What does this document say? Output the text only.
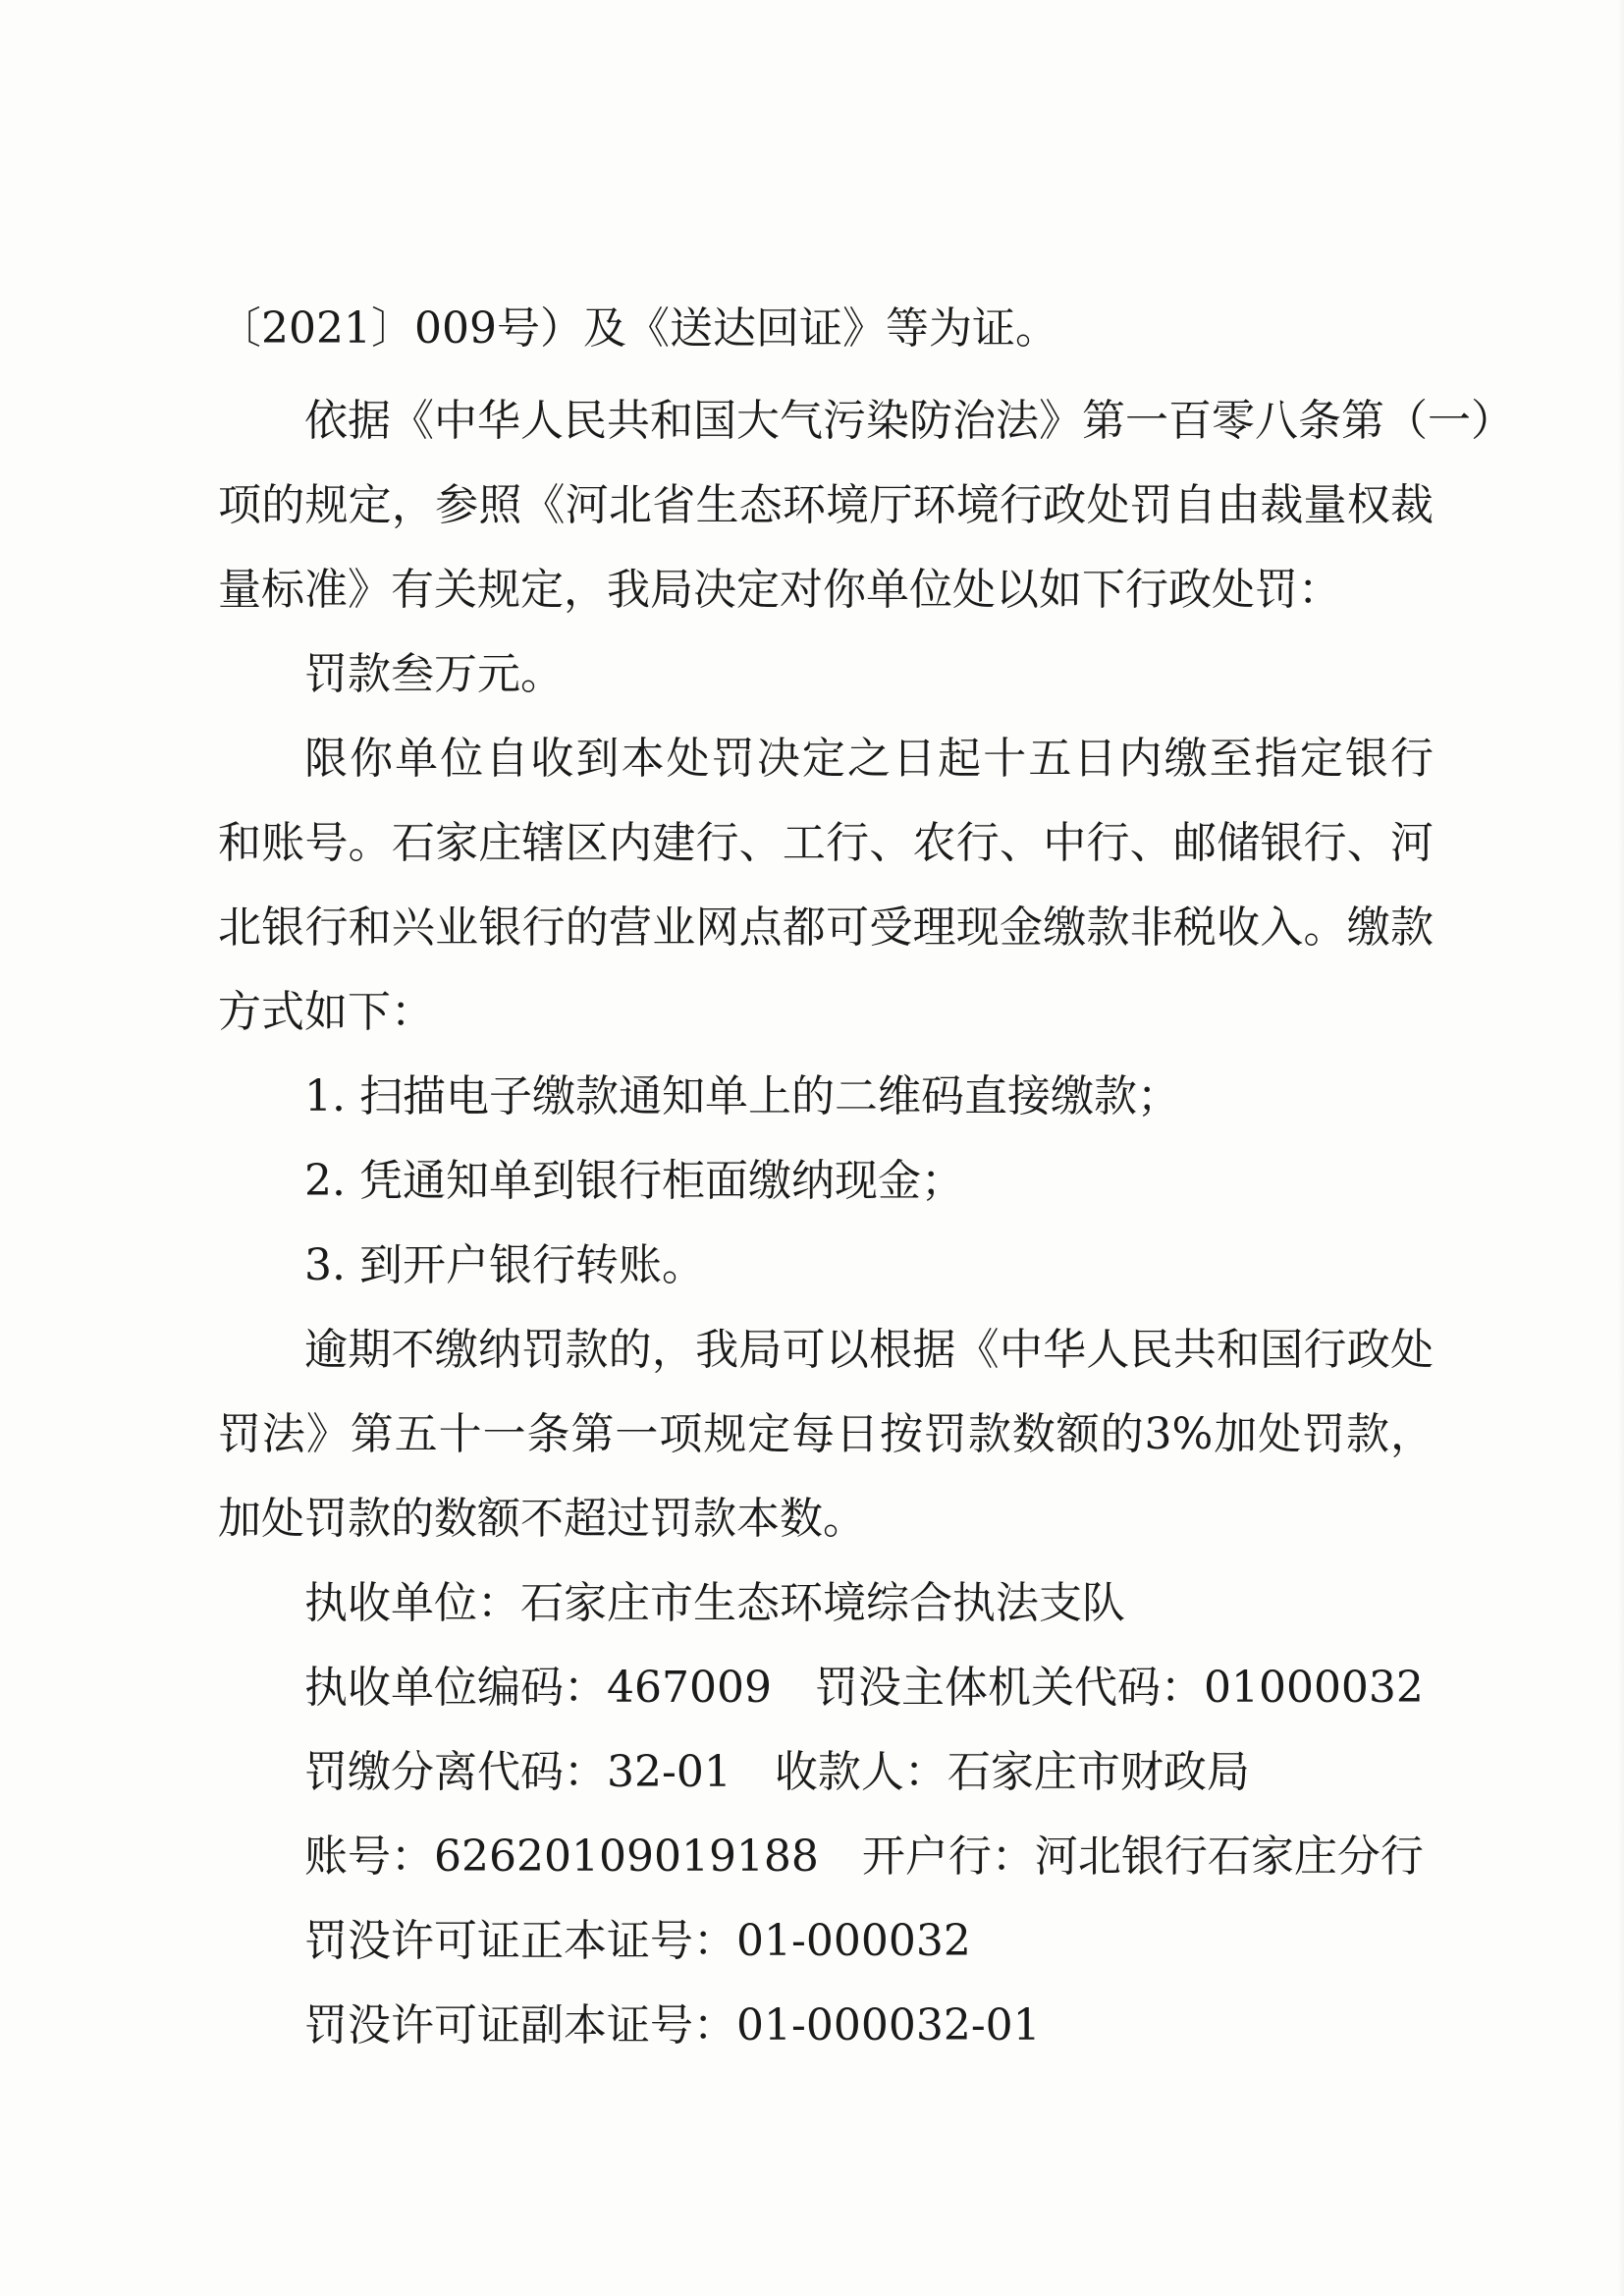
〔2021〕009号）及《送达回证》等为证。

依据《中华人民共和国大气污染防治法》第一百零八条第（一）

项的规定，参照《河北省生态环境厅环境行政处罚自由裁量权裁

量标准》有关规定，我局决定对你单位处以如下行政处罚：

罚款叁万元。

限你单位自收到本处罚决定之日起十五日内缴至指定银行

和账号。石家庄辖区内建行、工行、农行、中行、邮储银行、河

北银行和兴业银行的营业网点都可受理现金缴款非税收入。缴款

方式如下：

1. 扫描电子缴款通知单上的二维码直接缴款；

2. 凭通知单到银行柜面缴纳现金；

3. 到开户银行转账。

逾期不缴纳罚款的，我局可以根据《中华人民共和国行政处

罚法》第五十一条第一项规定每日按罚款数额的3%加处罚款，

加处罚款的数额不超过罚款本数。

执收单位：石家庄市生态环境综合执法支队

执收单位编码：467009　罚没主体机关代码：01000032

罚缴分离代码：32-01　收款人：石家庄市财政局

账号：62620109019188　开户行：河北银行石家庄分行

罚没许可证正本证号：01-000032

罚没许可证副本证号：01-000032-01
